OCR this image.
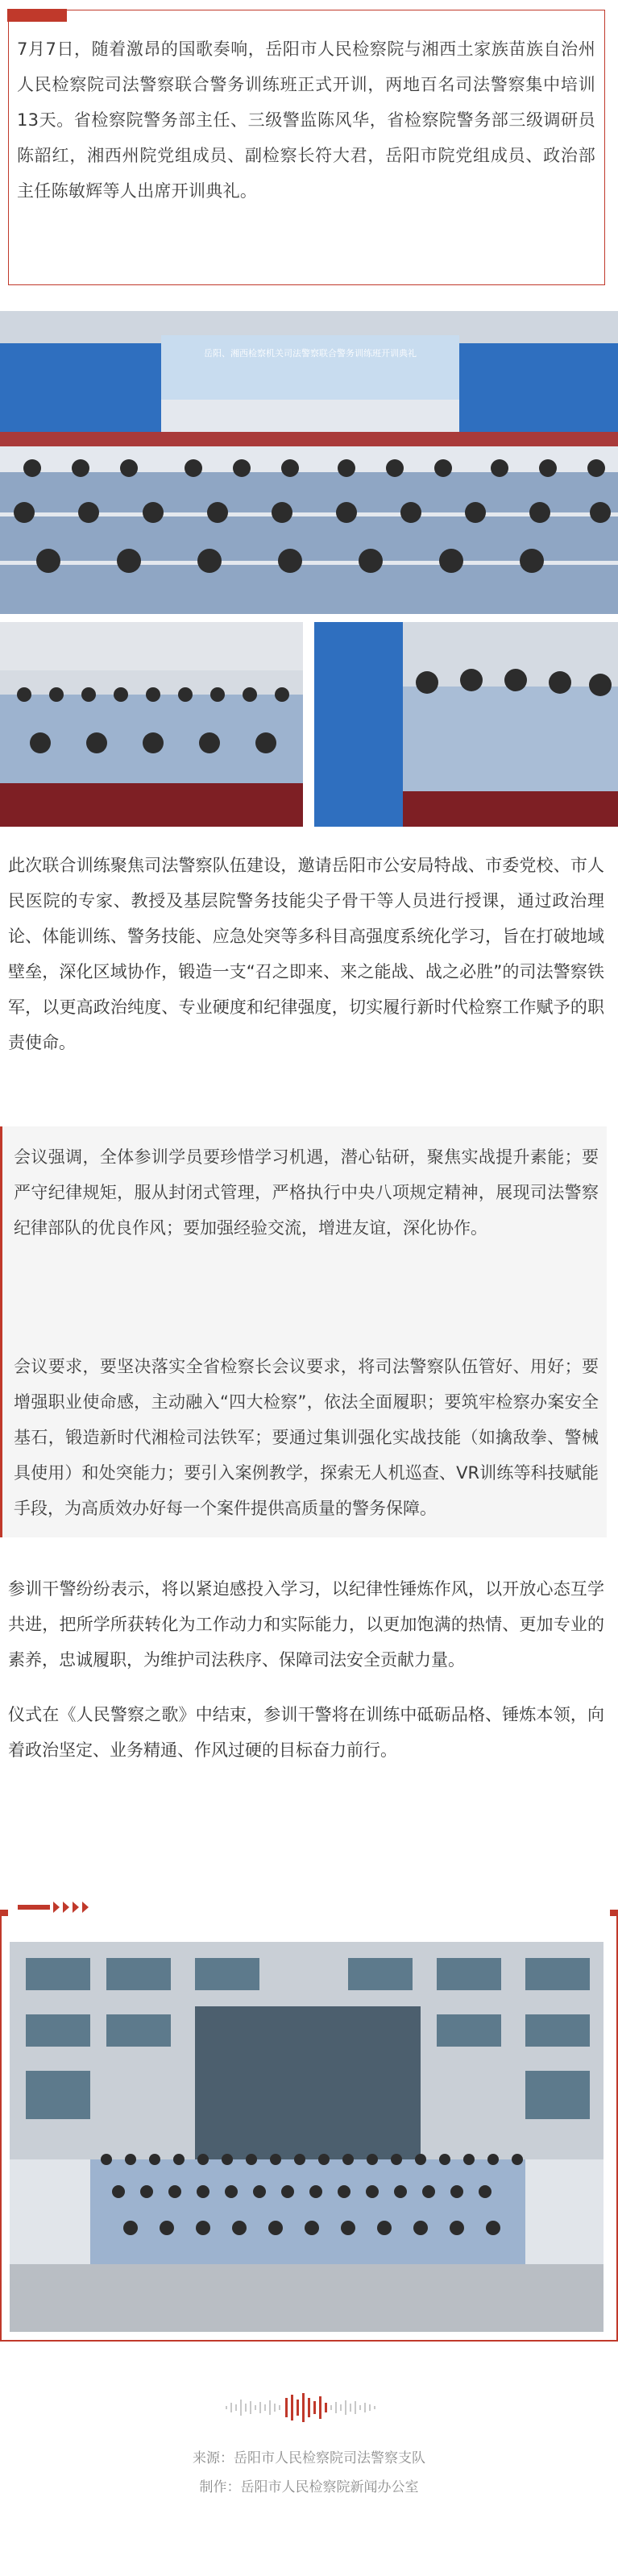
7月7日，随着激昂的国歌奏响，岳阳市人民检察院与湘西土家族苗族自治州人民检察院司法警察联合警务训练班正式开训，两地百名司法警察集中培训13天。省检察院警务部主任、三级警监陈风华，省检察院警务部三级调研员陈韶红，湘西州院党组成员、副检察长符大君，岳阳市院党组成员、政治部主任陈敏辉等人出席开训典礼。
岳阳、湘西检察机关司法警察联合警务训练班开训典礼
此次联合训练聚焦司法警察队伍建设，邀请岳阳市公安局特战、市委党校、市人民医院的专家、教授及基层院警务技能尖子骨干等人员进行授课，通过政治理论、体能训练、警务技能、应急处突等多科目高强度系统化学习，旨在打破地域壁垒，深化区域协作，锻造一支“召之即来、来之能战、战之必胜”的司法警察铁军，以更高政治纯度、专业硬度和纪律强度，切实履行新时代检察工作赋予的职责使命。
会议强调，全体参训学员要珍惜学习机遇，潜心钻研，聚焦实战提升素能；要严守纪律规矩，服从封闭式管理，严格执行中央八项规定精神，展现司法警察纪律部队的优良作风；要加强经验交流，增进友谊，深化协作。
会议要求，要坚决落实全省检察长会议要求，将司法警察队伍管好、用好；要增强职业使命感，主动融入“四大检察”，依法全面履职；要筑牢检察办案安全基石，锻造新时代湘检司法铁军；要通过集训强化实战技能（如擒敌拳、警械具使用）和处突能力；要引入案例教学，探索无人机巡查、VR训练等科技赋能手段，为高质效办好每一个案件提供高质量的警务保障。
参训干警纷纷表示，将以紧迫感投入学习，以纪律性锤炼作风，以开放心态互学共进，把所学所获转化为工作动力和实际能力，以更加饱满的热情、更加专业的素养，忠诚履职，为维护司法秩序、保障司法安全贡献力量。
仪式在《人民警察之歌》中结束，参训干警将在训练中砥砺品格、锤炼本领，向着政治坚定、业务精通、作风过硬的目标奋力前行。
来源：岳阳市人民检察院司法警察支队
制作：岳阳市人民检察院新闻办公室
